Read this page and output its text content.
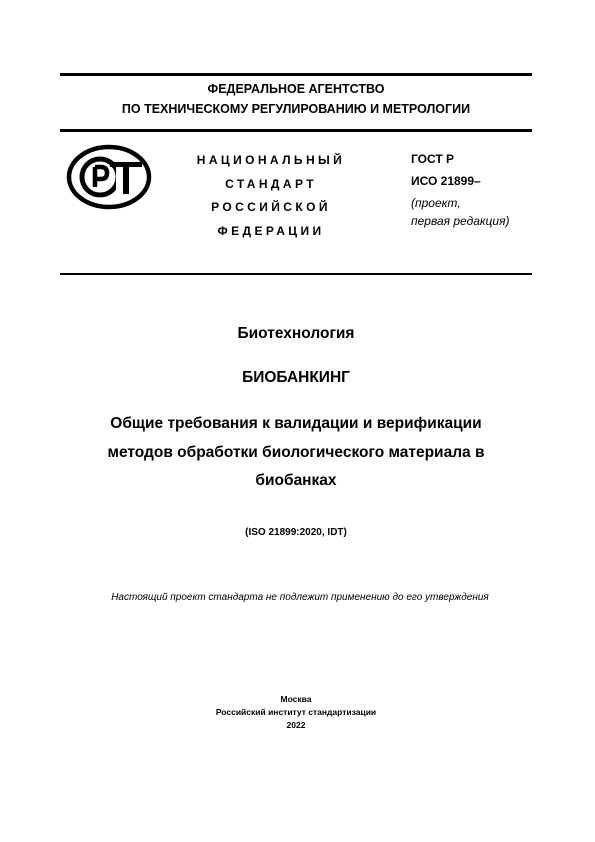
ФЕДЕРАЛЬНОЕ АГЕНТСТВО
ПО ТЕХНИЧЕСКОМУ РЕГУЛИРОВАНИЮ И МЕТРОЛОГИИ
НАЦИОНАЛЬНЫЙ
СТАНДАРТ
РОССИЙСКОЙ
ФЕДЕРАЦИИ
ГОСТ Р
ИСО 21899–
(проект,
первая редакция)
Биотехнология
БИОБАНКИНГ
Общие требования к валидации и верификации
методов обработки биологического материала в
биобанках
(ISO 21899:2020, IDT)
Настоящий проект стандарта не подлежит применению до его утверждения
Москва
Российский институт стандартизации
2022
